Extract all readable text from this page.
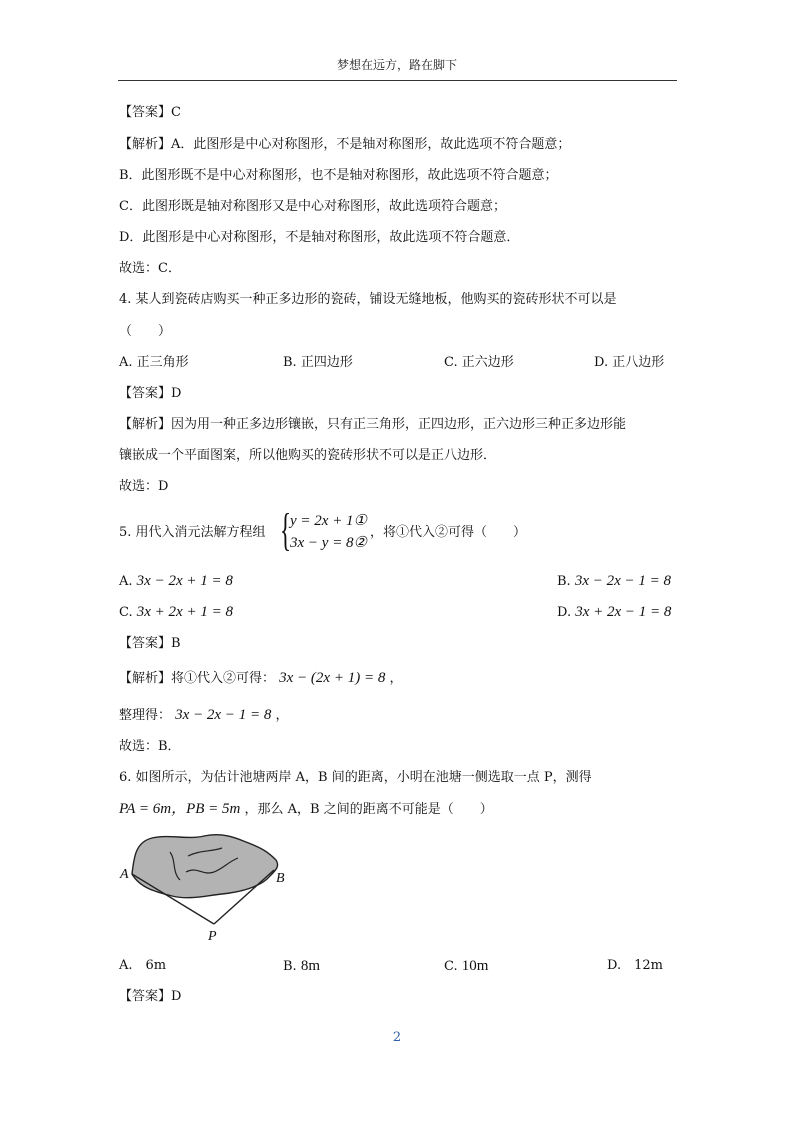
梦想在远方，路在脚下
【答案】C
【解析】A．此图形是中心对称图形，不是轴对称图形，故此选项不符合题意；
B．此图形既不是中心对称图形，也不是轴对称图形，故此选项不符合题意；
C．此图形既是轴对称图形又是中心对称图形，故此选项符合题意；
D．此图形是中心对称图形，不是轴对称图形，故此选项不符合题意．
故选：C．
4. 某人到瓷砖店购买一种正多边形的瓷砖，铺设无缝地板，他购买的瓷砖形状不可以是
（　　）
A. 正三角形	B. 正四边形	C. 正六边形	D. 正八边形
【答案】D
【解析】因为用一种正多边形镶嵌，只有正三角形，正四边形，正六边形三种正多边形能
镶嵌成一个平面图案，所以他购买的瓷砖形状不可以是正八边形．
故选：D
5. 用代入消元法解方程组 {
y = 2x + 1①
3x − y = 8②
，将①代入②可得（　　）
A. 3x − 2x + 1 = 8	B. 3x − 2x − 1 = 8
C. 3x + 2x + 1 = 8	D. 3x + 2x − 1 = 8
【答案】B
【解析】将①代入②可得： 3x − (2x + 1) = 8 ，
整理得： 3x − 2x − 1 = 8 ，
故选：B．
6. 如图所示，为估计池塘两岸 A，B 间的距离，小明在池塘一侧选取一点 P，测得
PA = 6m，PB = 5m ，那么 A，B 之间的距离不可能是（　　）
A	B
P
A.　6m	B. 8m	C. 10m	D.　12m
【答案】D
2
